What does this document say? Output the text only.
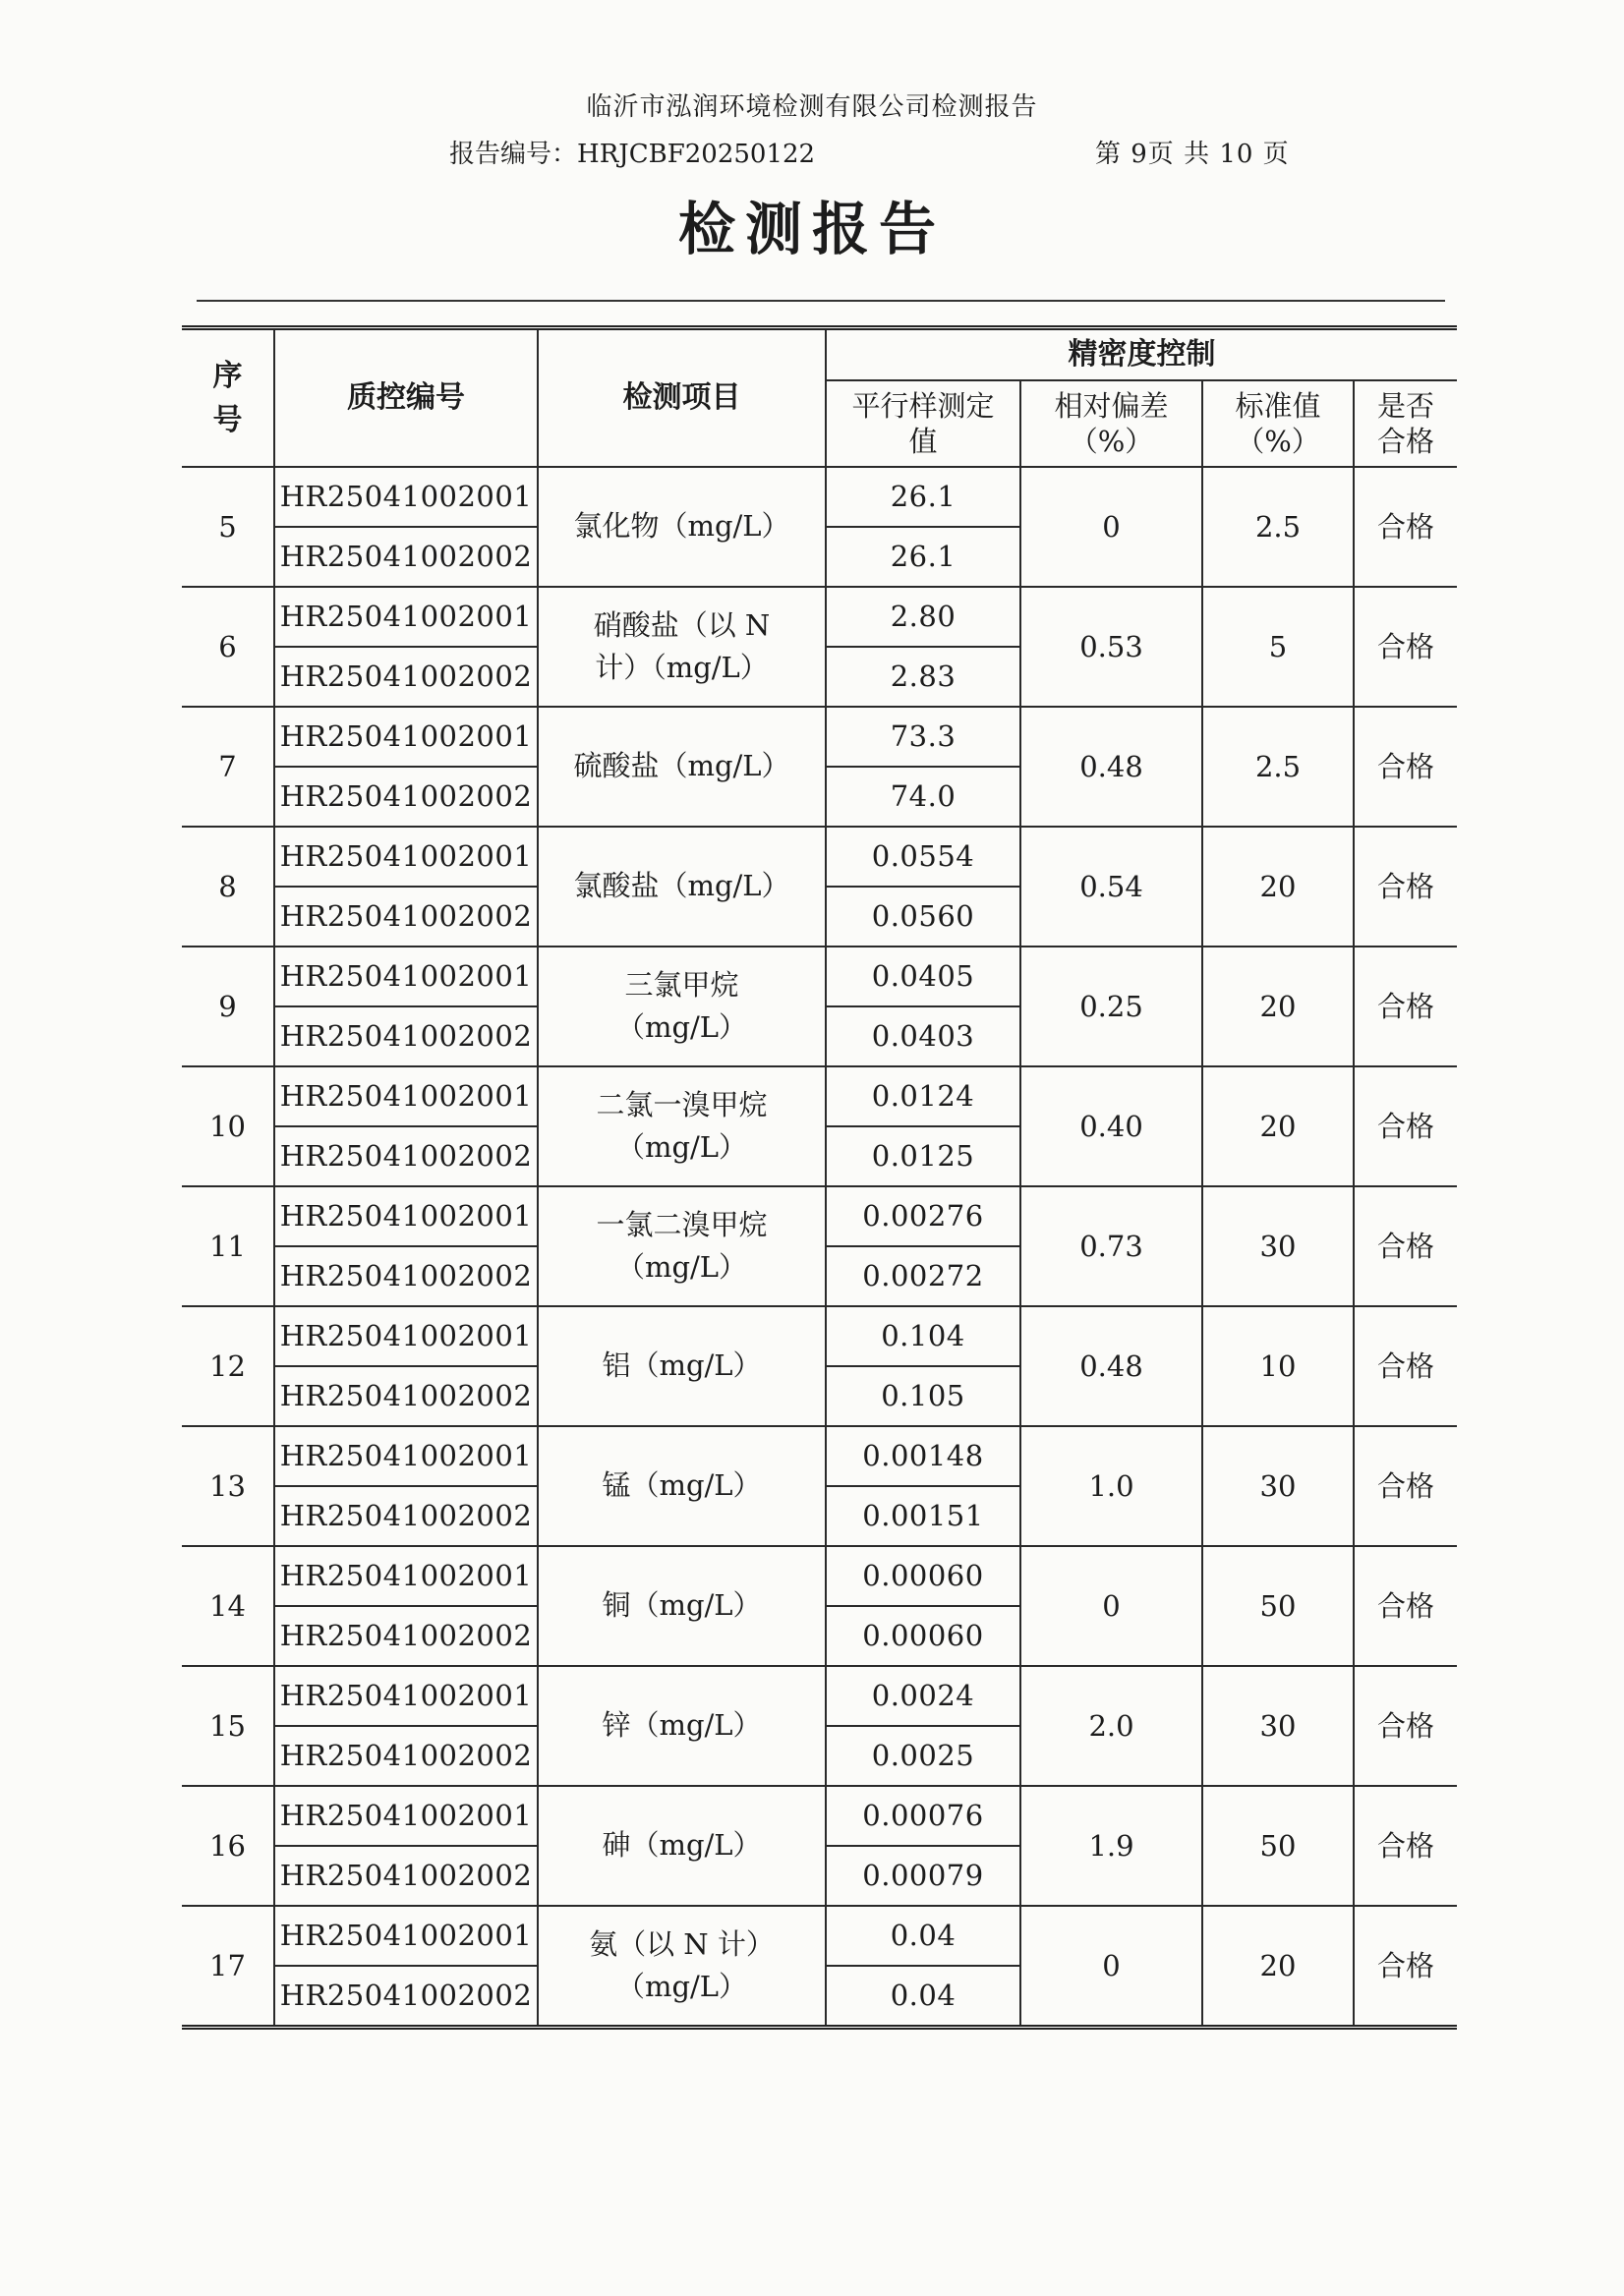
临沂市泓润环境检测有限公司检测报告
报告编号：HRJCBF20250122	第 9页 共 10 页
检测报告
序号	质控编号	检测项目	精密度控制			
			平行样测定值	相对偏差（%）	标准值（%）	是否合格
5	HR25041002001	氯化物（mg/L）	26.1	0	2.5	合格
	HR25041002002		26.1			
6	HR25041002001	硝酸盐（以 N 计）（mg/L）	2.80	0.53	5	合格
	HR25041002002		2.83			
7	HR25041002001	硫酸盐（mg/L）	73.3	0.48	2.5	合格
	HR25041002002		74.0			
8	HR25041002001	氯酸盐（mg/L）	0.0554	0.54	20	合格
	HR25041002002		0.0560			
9	HR25041002001	三氯甲烷（mg/L）	0.0405	0.25	20	合格
	HR25041002002		0.0403			
10	HR25041002001	二氯一溴甲烷（mg/L）	0.0124	0.40	20	合格
	HR25041002002		0.0125			
11	HR25041002001	一氯二溴甲烷（mg/L）	0.00276	0.73	30	合格
	HR25041002002		0.00272			
12	HR25041002001	铝（mg/L）	0.104	0.48	10	合格
	HR25041002002		0.105			
13	HR25041002001	锰（mg/L）	0.00148	1.0	30	合格
	HR25041002002		0.00151			
14	HR25041002001	铜（mg/L）	0.00060	0	50	合格
	HR25041002002		0.00060			
15	HR25041002001	锌（mg/L）	0.0024	2.0	30	合格
	HR25041002002		0.0025			
16	HR25041002001	砷（mg/L）	0.00076	1.9	50	合格
	HR25041002002		0.00079			
17	HR25041002001	氨（以 N 计）（mg/L）	0.04	0	20	合格
	HR25041002002		0.04			
